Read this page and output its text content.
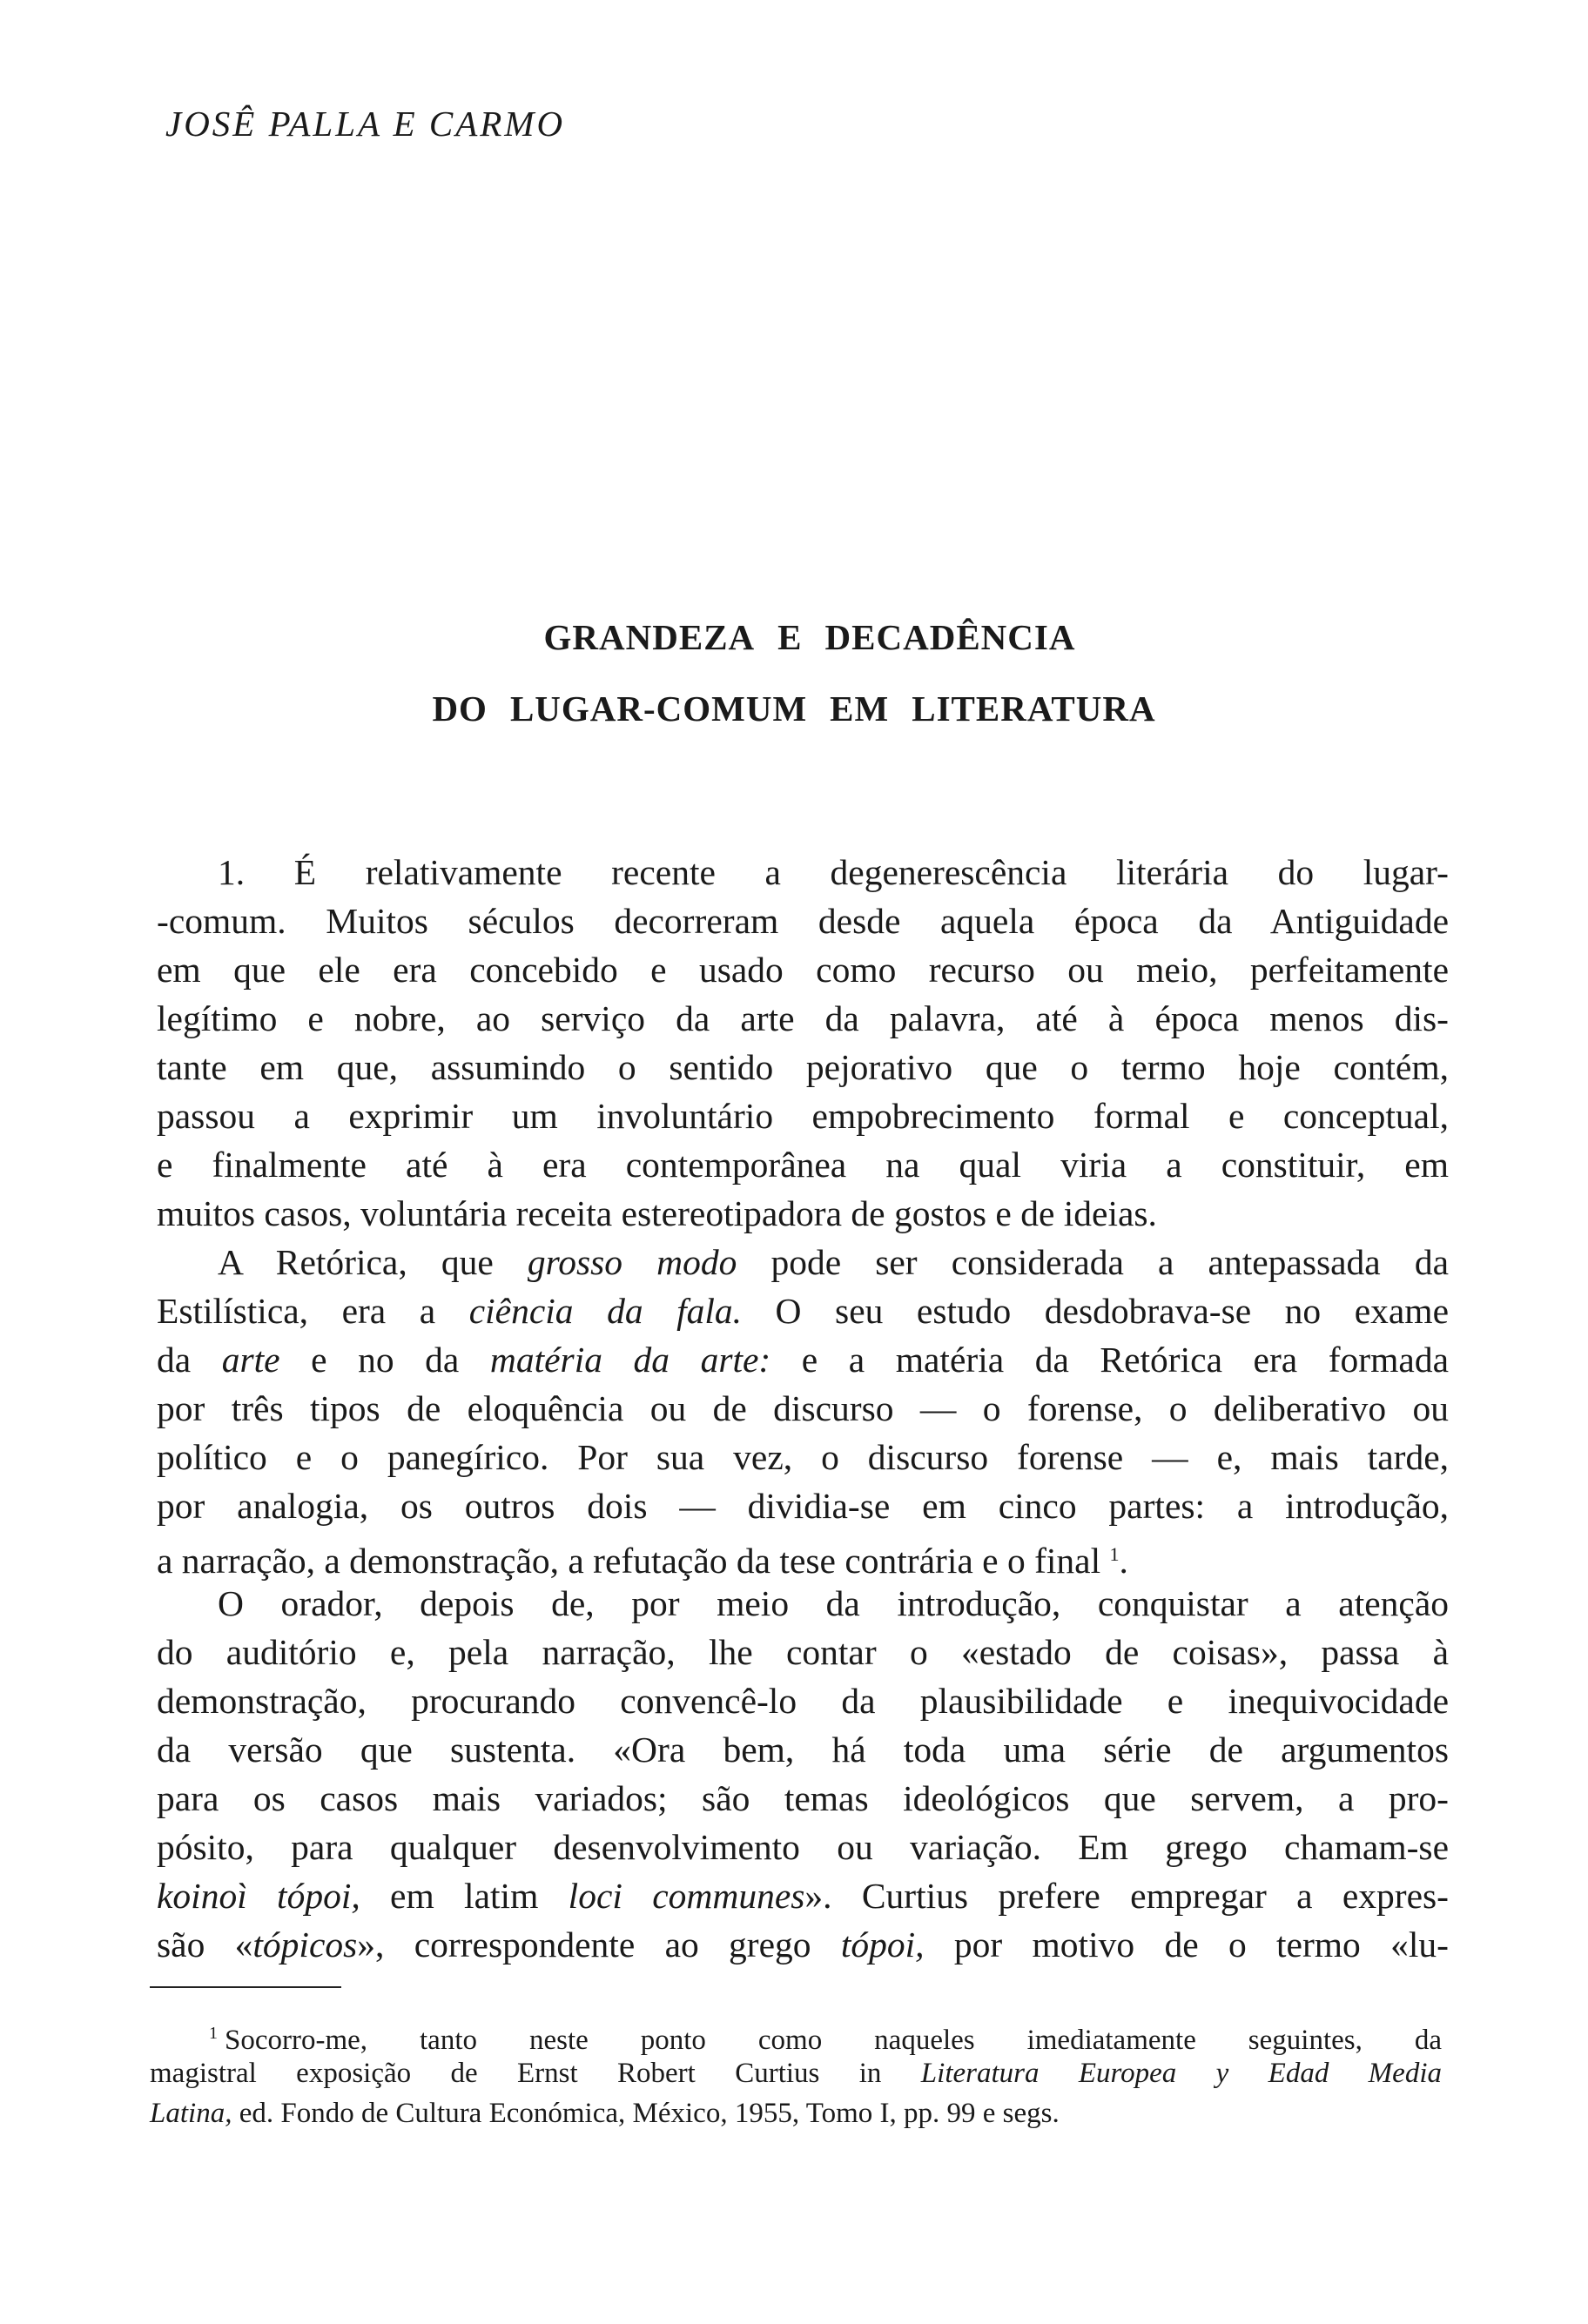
JOSÊ PALLA E CARMO
GRANDEZA E DECADÊNCIA
DO LUGAR-COMUM EM LITERATURA
1. É relativamente recente a degenerescência literária do lugar-
-comum. Muitos séculos decorreram desde aquela época da Antiguidade
em que ele era concebido e usado como recurso ou meio, perfeitamente
legítimo e nobre, ao serviço da arte da palavra, até à época menos dis-
tante em que, assumindo o sentido pejorativo que o termo hoje contém,
passou a exprimir um involuntário empobrecimento formal e conceptual,
e finalmente até à era contemporânea na qual viria a constituir, em
muitos casos, voluntária receita estereotipadora de gostos e de ideias.
A Retórica, que grosso modo pode ser considerada a antepassada da
Estilística, era a ciência da fala. O seu estudo desdobrava-se no exame
da arte e no da matéria da arte: e a matéria da Retórica era formada
por três tipos de eloquência ou de discurso — o forense, o deliberativo ou
político e o panegírico. Por sua vez, o discurso forense — e, mais tarde,
por analogia, os outros dois — dividia-se em cinco partes: a introdução,
a narração, a demonstração, a refutação da tese contrária e o final $^1$.
O orador, depois de, por meio da introdução, conquistar a atenção
do auditório e, pela narração, lhe contar o «estado de coisas», passa à
demonstração, procurando convencê-lo da plausibilidade e inequivocidade
da versão que sustenta. «Ora bem, há toda uma série de argumentos
para os casos mais variados; são temas ideológicos que servem, a pro-
pósito, para qualquer desenvolvimento ou variação. Em grego chamam-se
koinoì tópoi, em latim loci communes». Curtius prefere empregar a expres-
são «tópicos», correspondente ao grego tópoi, por motivo de o termo «lu-
$^1$ Socorro-me, tanto neste ponto como naqueles imediatamente seguintes, da
magistral exposição de Ernst Robert Curtius in Literatura Europea y Edad Media
Latina, ed. Fondo de Cultura Económica, México, 1955, Tomo I, pp. 99 e segs.
